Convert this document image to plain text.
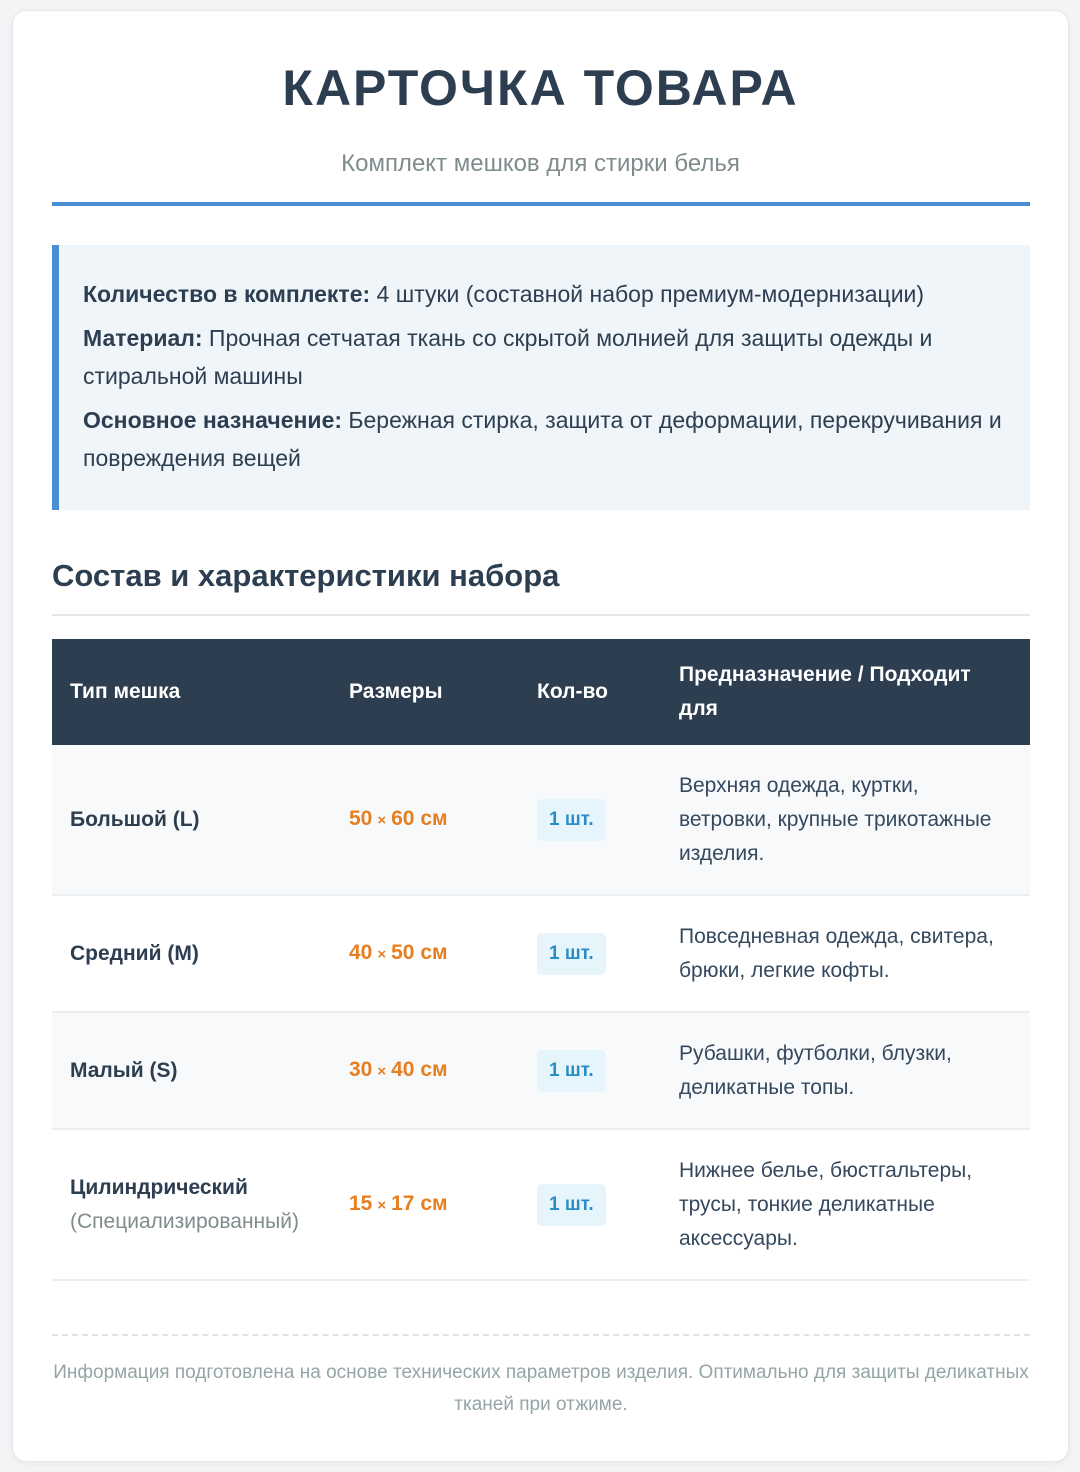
КАРТОЧКА ТОВАРА
Комплект мешков для стирки белья

Количество в комплекте: 4 штуки (составной набор премиум-модернизации)

Материал: Прочная сетчатая ткань со скрытой молнией для защиты одежды и стиральной машины

Основное назначение: Бережная стирка, защита от деформации, перекручивания и повреждения вещей

Состав и характеристики набора
Тип мешка	Размеры	Кол-во	Предназначение / Подходит для
Большой (L)	50 × 60 см	1 шт.	Верхняя одежда, куртки, ветровки, крупные трикотажные изделия.
Средний (M)	40 × 50 см	1 шт.	Повседневная одежда, свитера, брюки, легкие кофты.
Малый (S)	30 × 40 см	1 шт.	Рубашки, футболки, блузки, деликатные топы.
Цилиндрический
(Специализированный)	15 × 17 см	1 шт.	Нижнее белье, бюстгальтеры, трусы, тонкие деликатные аксессуары.

Информация подготовлена на основе технических параметров изделия. Оптимально для защиты деликатных тканей при отжиме.
